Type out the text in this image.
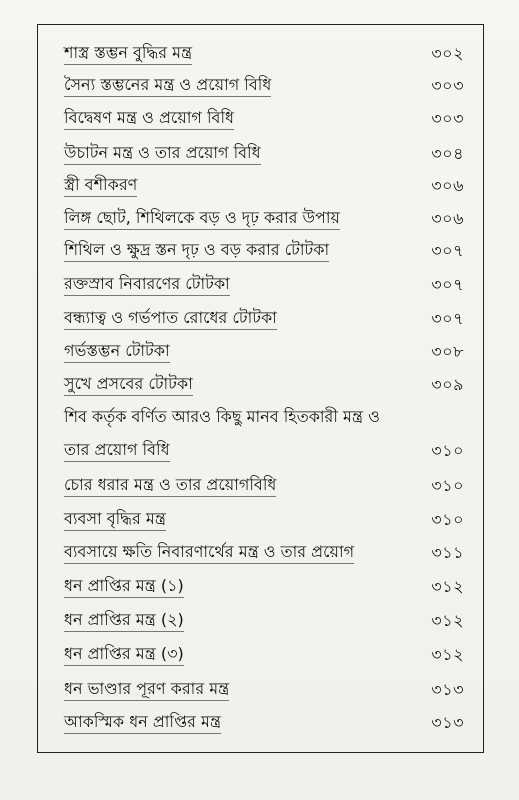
শাস্ত্র স্তম্ভন বুদ্ধির মন্ত্র	৩০২
সৈন্য স্তম্ভনের মন্ত্র ও প্রয়োগ বিধি	৩০৩
বিদ্বেষণ মন্ত্র ও প্রয়োগ বিধি	৩০৩
উচাটন মন্ত্র ও তার প্রয়োগ বিধি	৩০৪
স্ত্রী বশীকরণ	৩০৬
লিঙ্গ ছোট, শিথিলকে বড় ও দৃঢ় করার উপায়	৩০৬
শিথিল ও ক্ষুদ্র স্তন দৃঢ় ও বড় করার টোটকা	৩০৭
রক্তস্রাব নিবারণের টোটকা	৩০৭
বন্ধ্যাত্ব ও গর্ভপাত রোধের টোটকা	৩০৭
গর্ভস্তম্ভন টোটকা	৩০৮
সুখে প্রসবের টোটকা	৩০৯
শিব কর্তৃক বর্ণিত আরও কিছু মানব হিতকারী মন্ত্র ও
তার প্রয়োগ বিধি	৩১০
চোর ধরার মন্ত্র ও তার প্রয়োগবিধি	৩১০
ব্যবসা বৃদ্ধির মন্ত্র	৩১০
ব্যবসায়ে ক্ষতি নিবারণার্থের মন্ত্র ও তার প্রয়োগ	৩১১
ধন প্রাপ্তির মন্ত্র (১)	৩১২
ধন প্রাপ্তির মন্ত্র (২)	৩১২
ধন প্রাপ্তির মন্ত্র (৩)	৩১২
ধন ভাণ্ডার পূরণ করার মন্ত্র	৩১৩
আকস্মিক ধন প্রাপ্তির মন্ত্র	৩১৩
